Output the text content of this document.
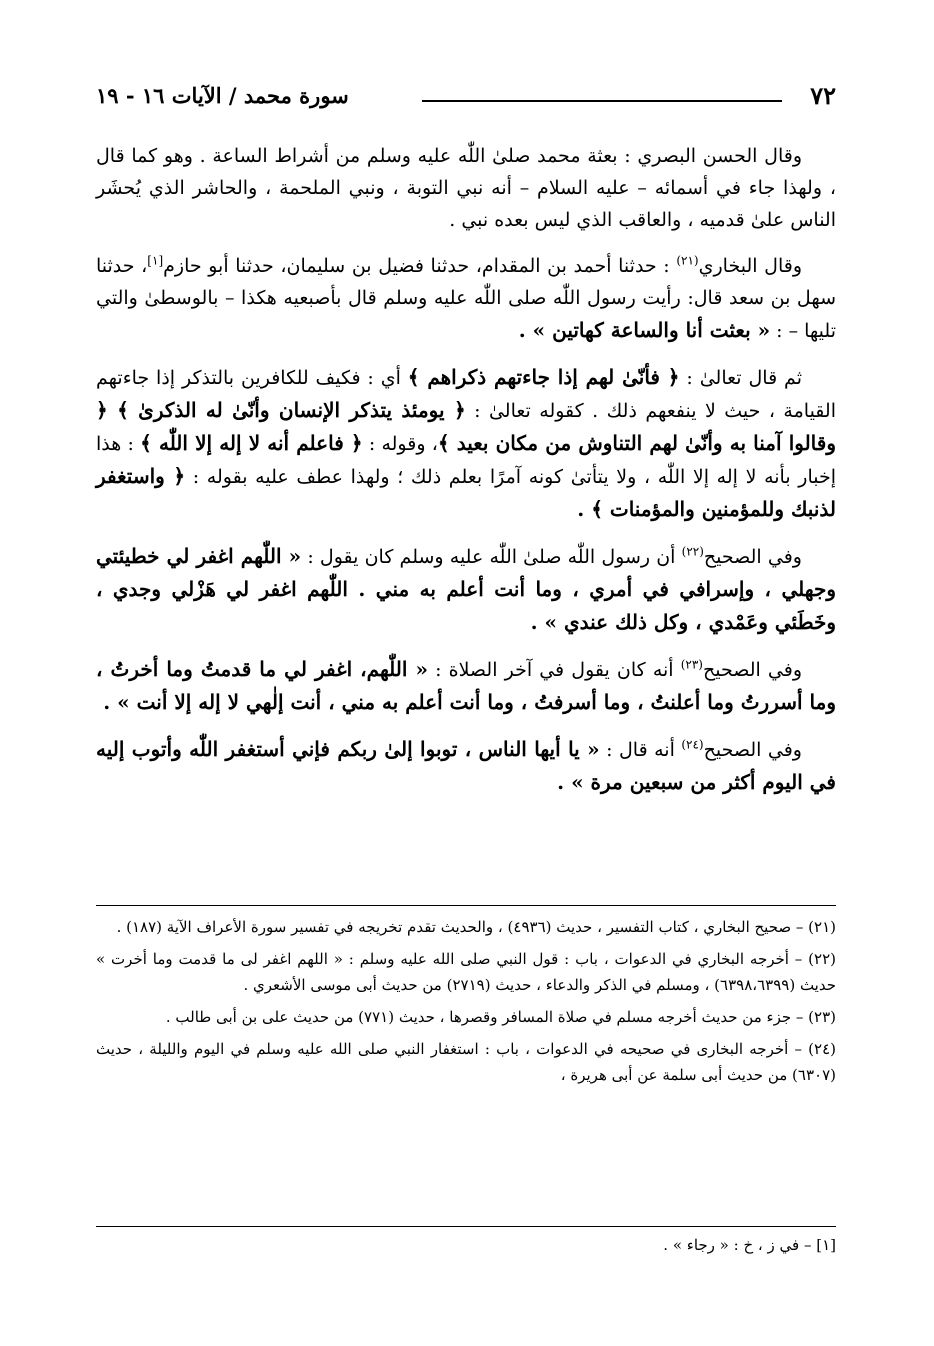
٧٢
سورة محمد / الآيات ١٦ - ١٩

وقال الحسن البصري : بعثة محمد صلىٰ اللّٰه عليه وسلم من أشراط الساعة . وهو كما قال ، ولهذا جاء في أسمائه – عليه السلام – أنه نبي التوبة ، ونبي الملحمة ، والحاشر الذي يُحشَر الناس علىٰ قدميه ، والعاقب الذي ليس بعده نبي .

وقال البخاري$^{(٢١)}$ : حدثنا أحمد بن المقدام، حدثنا فضيل بن سليمان، حدثنا أبو حازم[١]، حدثنا سهل بن سعد قال: رأيت رسول اللّٰه صلى اللّٰه عليه وسلم قال بأصبعيه هكذا – بالوسطىٰ والتي تليها – : « بعثت أنا والساعة كهاتين » .

ثم قال تعالىٰ : ﴿ فأنّىٰ لهم إذا جاءتهم ذكراهم ﴾ أي : فكيف للكافرين بالتذكر إذا جاءتهم القيامة ، حيث لا ينفعهم ذلك . كقوله تعالىٰ : ﴿ يومئذ يتذكر الإنسان وأنّىٰ له الذكرىٰ ﴾ ﴿ وقالوا آمنا به وأنّىٰ لهم التناوش من مكان بعيد ﴾، وقوله : ﴿ فاعلم أنه لا إله إلا اللّٰه ﴾ : هذا إخبار بأنه لا إله إلا اللّٰه ، ولا يتأتىٰ كونه آمرًا بعلم ذلك ؛ ولهذا عطف عليه بقوله : ﴿ واستغفر لذنبك وللمؤمنين والمؤمنات ﴾ .

وفي الصحيح$^{(٢٢)}$ أن رسول اللّٰه صلىٰ اللّٰه عليه وسلم كان يقول : « اللّٰهم اغفر لي خطيئتي وجهلي ، وإسرافي في أمري ، وما أنت أعلم به مني . اللّٰهم اغفر لي هَزْلي وجدي ، وخَطَئي وعَمْدي ، وكل ذلك عندي » .

وفي الصحيح$^{(٢٣)}$ أنه كان يقول في آخر الصلاة : « اللّٰهم، اغفر لي ما قدمتُ وما أخرتُ ، وما أسررتُ وما أعلنتُ ، وما أسرفتُ ، وما أنت أعلم به مني ، أنت إلٰهي لا إله إلا أنت » .

وفي الصحيح$^{(٢٤)}$ أنه قال : « يا أيها الناس ، توبوا إلىٰ ربكم فإني أستغفر اللّٰه وأتوب إليه في اليوم أكثر من سبعين مرة » .

(٢١) – صحيح البخاري ، كتاب التفسير ، حديث (٤٩٣٦) ، والحديث تقدم تخريجه في تفسير سورة الأعراف الآية (١٨٧) .

(٢٢) – أخرجه البخاري في الدعوات ، باب : قول النبي صلى الله عليه وسلم : « اللهم اغفر لى ما قدمت وما أخرت » حديث (٦٣٩٨،٦٣٩٩) ، ومسلم في الذكر والدعاء ، حديث (٢٧١٩) من حديث أبى موسى الأشعري .

(٢٣) – جزء من حديث أخرجه مسلم في صلاة المسافر وقصرها ، حديث (٧٧١) من حديث على بن أبى طالب .

(٢٤) – أخرجه البخارى في صحيحه في الدعوات ، باب : استغفار النبي صلى الله عليه وسلم في اليوم والليلة ، حديث (٦٣٠٧) من حديث أبى سلمة عن أبى هريرة ،

[١] – في ز ، خ : « رجاء » .
